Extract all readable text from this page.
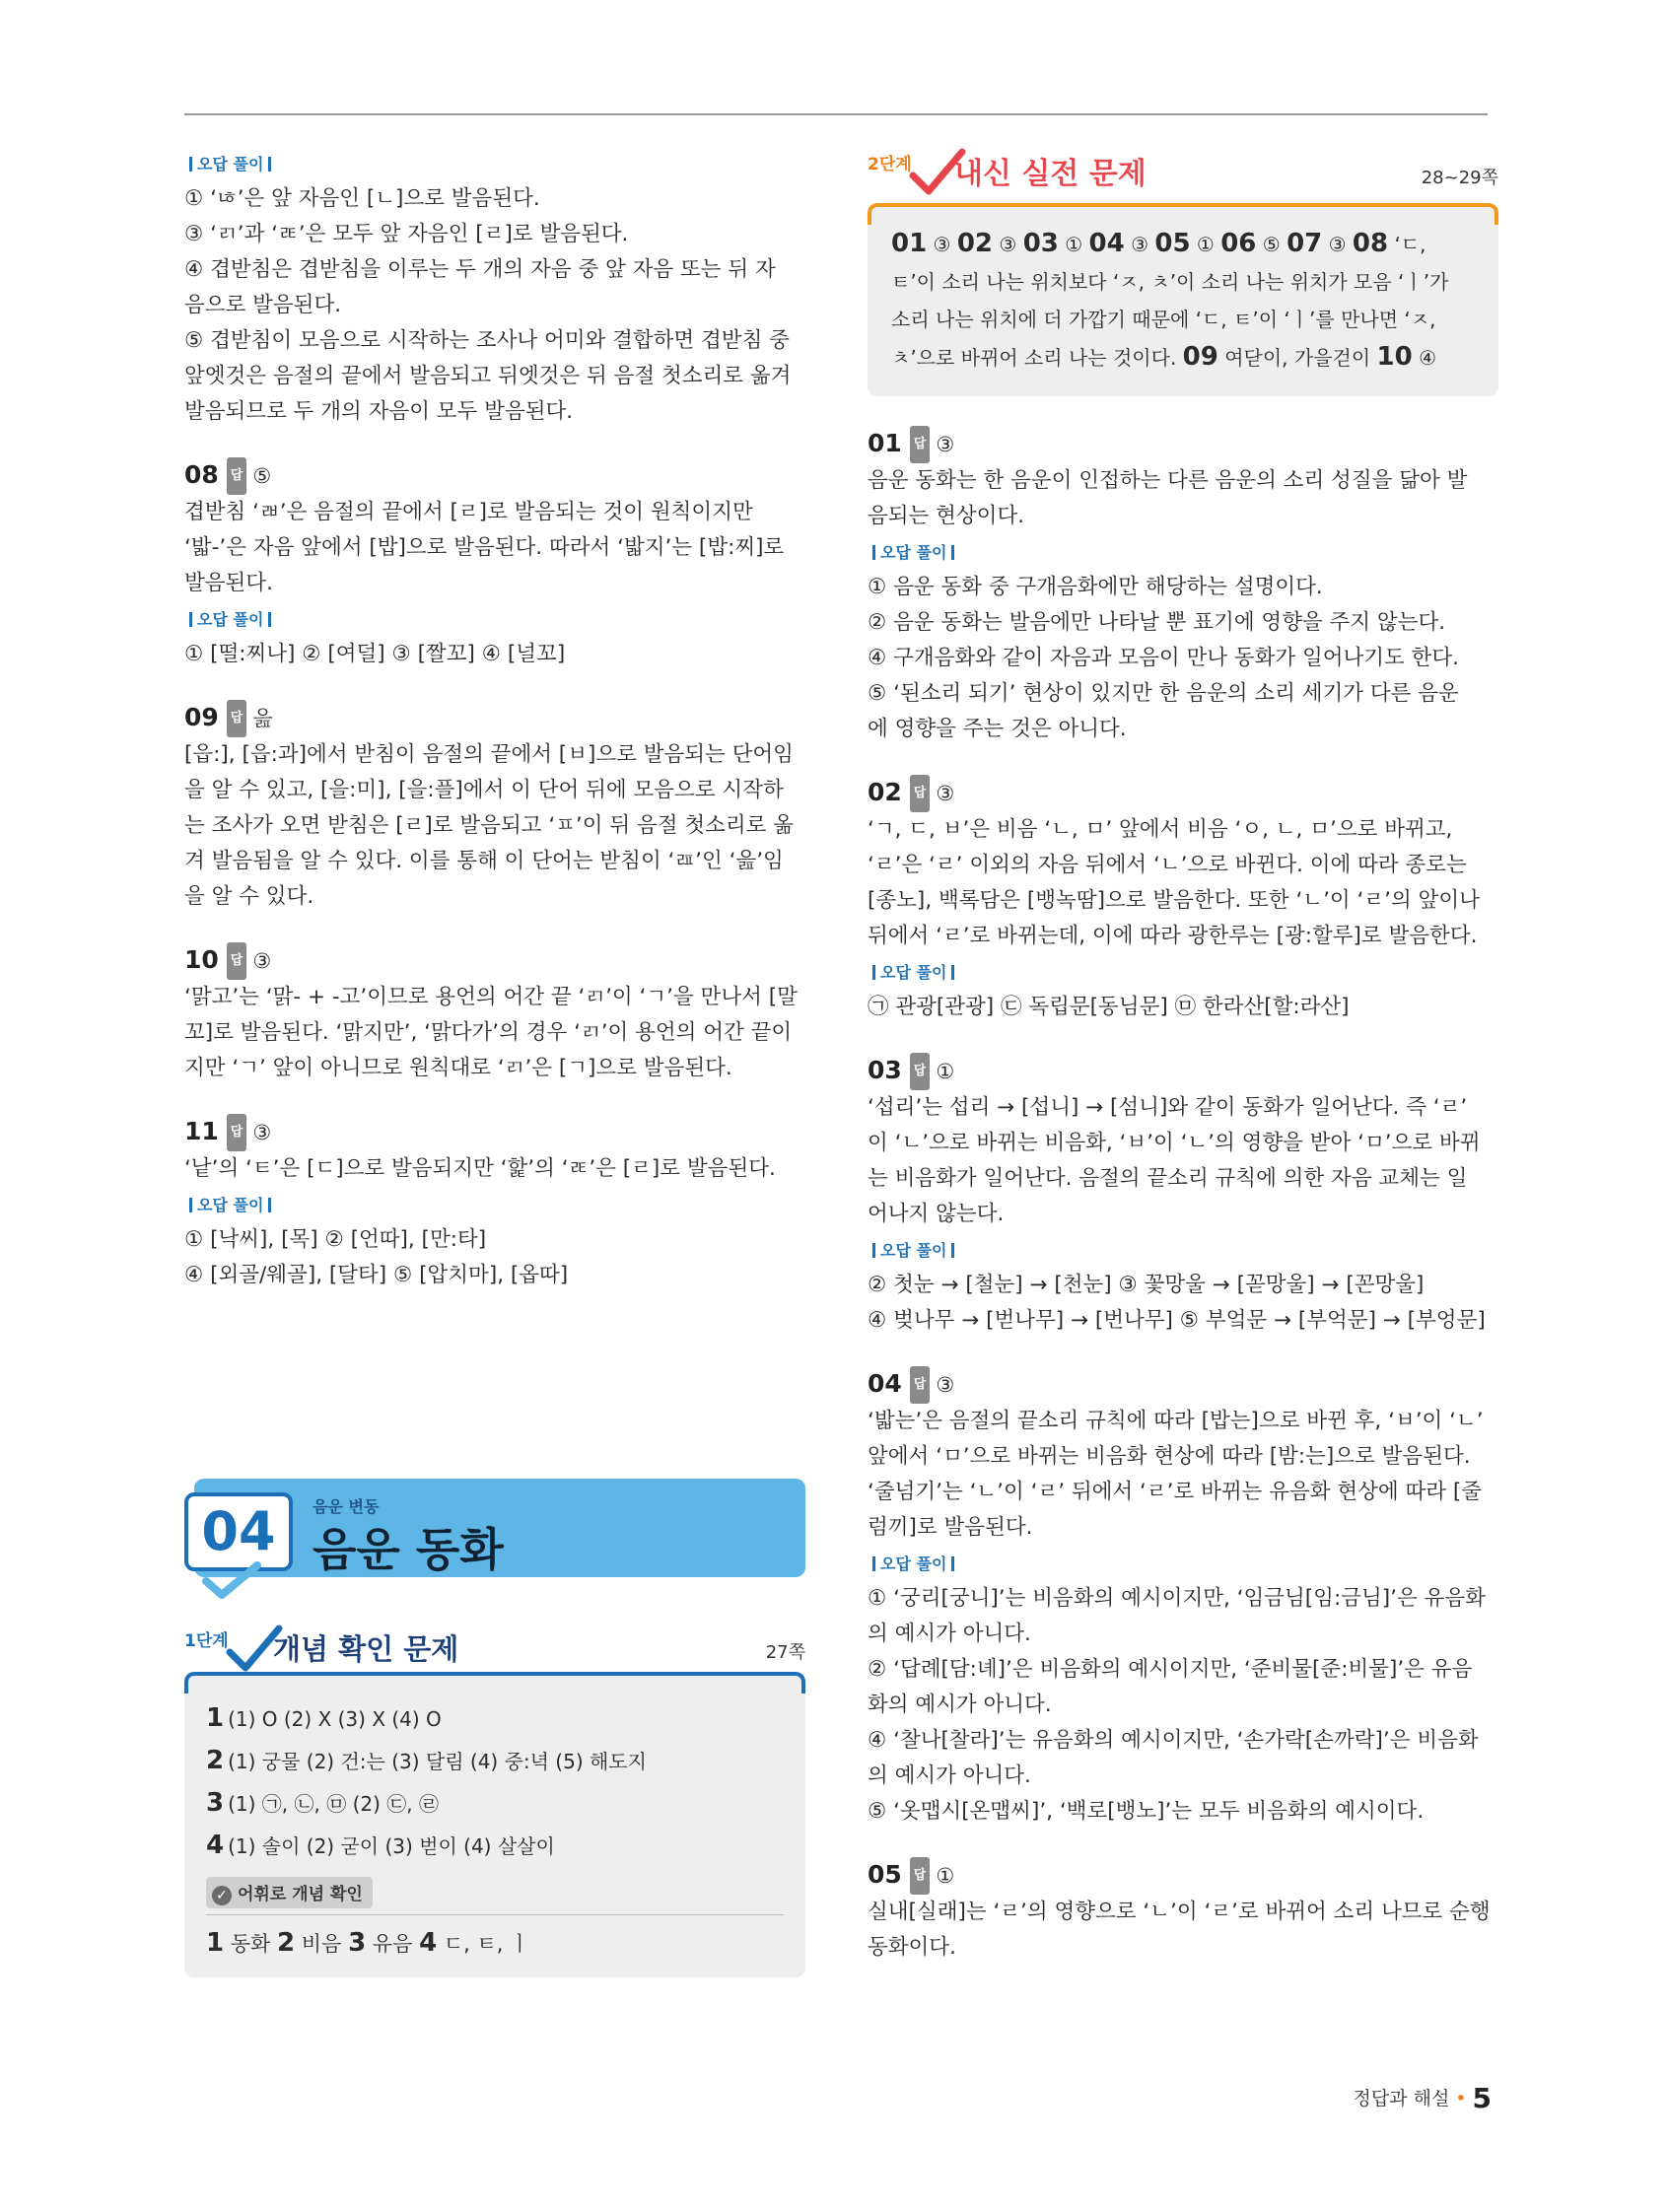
오답 풀이
① ‘ㄶ’은 앞 자음인 [ㄴ]으로 발음된다.
③ ‘ㄺ’과 ‘ㄾ’은 모두 앞 자음인 [ㄹ]로 발음된다.
④ 겹받침은 겹받침을 이루는 두 개의 자음 중 앞 자음 또는 뒤 자
음으로 발음된다.
⑤ 겹받침이 모음으로 시작하는 조사나 어미와 결합하면 겹받침 중
앞엣것은 음절의 끝에서 발음되고 뒤엣것은 뒤 음절 첫소리로 옮겨
발음되므로 두 개의 자음이 모두 발음된다.
08 답 ⑤
겹받침 ‘ㄼ’은 음절의 끝에서 [ㄹ]로 발음되는 것이 원칙이지만
‘밟-’은 자음 앞에서 [밥]으로 발음된다. 따라서 ‘밟지’는 [밥:찌]로
발음된다.
오답 풀이
① [떨:찌나] ② [여덜] ③ [짤꼬] ④ [널꼬]
09 답 읊
[읍:], [읍:과]에서 받침이 음절의 끝에서 [ㅂ]으로 발음되는 단어임
을 알 수 있고, [을:미], [을:플]에서 이 단어 뒤에 모음으로 시작하
는 조사가 오면 받침은 [ㄹ]로 발음되고 ‘ㅍ’이 뒤 음절 첫소리로 옮
겨 발음됨을 알 수 있다. 이를 통해 이 단어는 받침이 ‘ㄿ’인 ‘읊’임
을 알 수 있다.
10 답 ③
‘맑고’는 ‘맑- + -고’이므로 용언의 어간 끝 ‘ㄺ’이 ‘ㄱ’을 만나서 [말
꼬]로 발음된다. ‘맑지만’, ‘맑다가’의 경우 ‘ㄺ’이 용언의 어간 끝이
지만 ‘ㄱ’ 앞이 아니므로 원칙대로 ‘ㄺ’은 [ㄱ]으로 발음된다.
11 답 ③
‘낱’의 ‘ㅌ’은 [ㄷ]으로 발음되지만 ‘핥’의 ‘ㄾ’은 [ㄹ]로 발음된다.
오답 풀이
① [낙씨], [목] ② [언따], [만:타]
④ [외골/웨골], [달타] ⑤ [압치마], [옵따]
04	음운 변동
음운 동화
1단계 개념 확인 문제	27쪽
1 (1) O (2) X (3) X (4) O
2 (1) 궁물 (2) 건:는 (3) 달림 (4) 중:녁 (5) 해도지
3 (1) ㉠, ㉡, ㉤ (2) ㉢, ㉣
4 (1) 솔이 (2) 굳이 (3) 벋이 (4) 살살이
✓ 어휘로 개념 확인
1 동화 2 비음 3 유음 4 ㄷ, ㅌ, ㅣ
2단계 내신 실전 문제	28~29쪽
01 ③ 02 ③ 03 ① 04 ③ 05 ① 06 ⑤ 07 ③ 08 ‘ㄷ,
ㅌ’이 소리 나는 위치보다 ‘ㅈ, ㅊ’이 소리 나는 위치가 모음 ‘ㅣ’가
소리 나는 위치에 더 가깝기 때문에 ‘ㄷ, ㅌ’이 ‘ㅣ’를 만나면 ‘ㅈ,
ㅊ’으로 바뀌어 소리 나는 것이다. 09 여닫이, 가을걷이 10 ④
01 답 ③
음운 동화는 한 음운이 인접하는 다른 음운의 소리 성질을 닮아 발
음되는 현상이다.
오답 풀이
① 음운 동화 중 구개음화에만 해당하는 설명이다.
② 음운 동화는 발음에만 나타날 뿐 표기에 영향을 주지 않는다.
④ 구개음화와 같이 자음과 모음이 만나 동화가 일어나기도 한다.
⑤ ‘된소리 되기’ 현상이 있지만 한 음운의 소리 세기가 다른 음운
에 영향을 주는 것은 아니다.
02 답 ③
‘ㄱ, ㄷ, ㅂ’은 비음 ‘ㄴ, ㅁ’ 앞에서 비음 ‘ㅇ, ㄴ, ㅁ’으로 바뀌고,
‘ㄹ’은 ‘ㄹ’ 이외의 자음 뒤에서 ‘ㄴ’으로 바뀐다. 이에 따라 종로는
[종노], 백록담은 [뱅녹땀]으로 발음한다. 또한 ‘ㄴ’이 ‘ㄹ’의 앞이나
뒤에서 ‘ㄹ’로 바뀌는데, 이에 따라 광한루는 [광:할루]로 발음한다.
오답 풀이
㉠ 관광[관광] ㉢ 독립문[동님문] ㉤ 한라산[할:라산]
03 답 ①
‘섭리’는 섭리 → [섭니] → [섬니]와 같이 동화가 일어난다. 즉 ‘ㄹ’
이 ‘ㄴ’으로 바뀌는 비음화, ‘ㅂ’이 ‘ㄴ’의 영향을 받아 ‘ㅁ’으로 바뀌
는 비음화가 일어난다. 음절의 끝소리 규칙에 의한 자음 교체는 일
어나지 않는다.
오답 풀이
② 첫눈 → [철눈] → [천눈] ③ 꽃망울 → [꼳망울] → [꼰망울]
④ 벚나무 → [벋나무] → [번나무] ⑤ 부엌문 → [부억문] → [부엉문]
04 답 ③
‘밟는’은 음절의 끝소리 규칙에 따라 [밥는]으로 바뀐 후, ‘ㅂ’이 ‘ㄴ’
앞에서 ‘ㅁ’으로 바뀌는 비음화 현상에 따라 [밤:는]으로 발음된다.
‘줄넘기’는 ‘ㄴ’이 ‘ㄹ’ 뒤에서 ‘ㄹ’로 바뀌는 유음화 현상에 따라 [줄
럼끼]로 발음된다.
오답 풀이
① ‘궁리[궁니]’는 비음화의 예시이지만, ‘임금님[임:금님]’은 유음화
의 예시가 아니다.
② ‘답례[담:녜]’은 비음화의 예시이지만, ‘준비물[준:비물]’은 유음
화의 예시가 아니다.
④ ‘찰나[찰라]’는 유음화의 예시이지만, ‘손가락[손까락]’은 비음화
의 예시가 아니다.
⑤ ‘옷맵시[온맵씨]’, ‘백로[뱅노]’는 모두 비음화의 예시이다.
05 답 ①
실내[실래]는 ‘ㄹ’의 영향으로 ‘ㄴ’이 ‘ㄹ’로 바뀌어 소리 나므로 순행
동화이다.
정답과 해설 • 5
